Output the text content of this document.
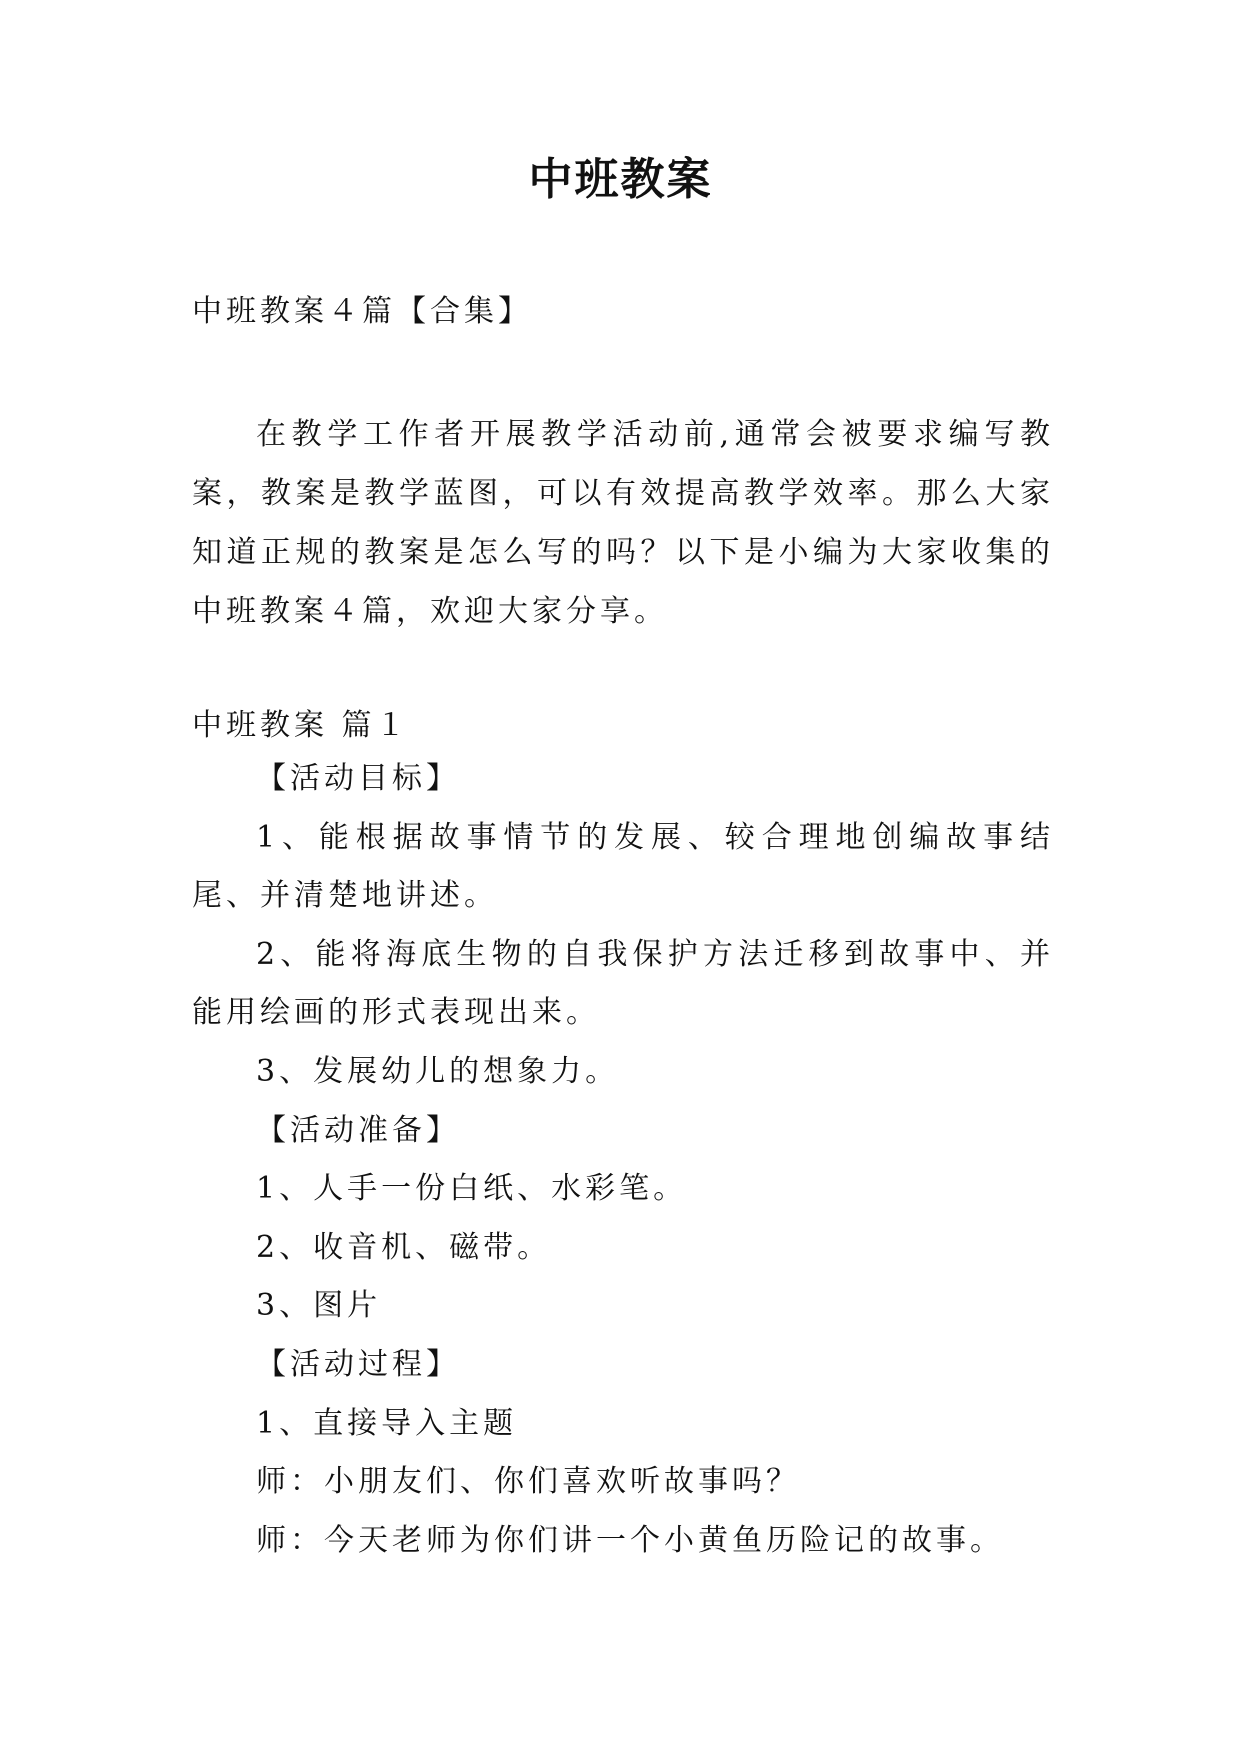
中班教案
中班教案４篇【合集】

在教学工作者开展教学活动前,通常会被要求编写教案，教案是教学蓝图，可以有效提高教学效率。那么大家知道正规的教案是怎么写的吗？以下是小编为大家收集的中班教案４篇，欢迎大家分享。

中班教案 篇１

【活动目标】

1、能根据故事情节的发展、较合理地创编故事结尾、并清楚地讲述。

2、能将海底生物的自我保护方法迁移到故事中、并能用绘画的形式表现出来。

3、发展幼儿的想象力。

【活动准备】

1、人手一份白纸、水彩笔。

2、收音机、磁带。

3、图片

【活动过程】

1、直接导入主题

师：小朋友们、你们喜欢听故事吗？

师：今天老师为你们讲一个小黄鱼历险记的故事。
